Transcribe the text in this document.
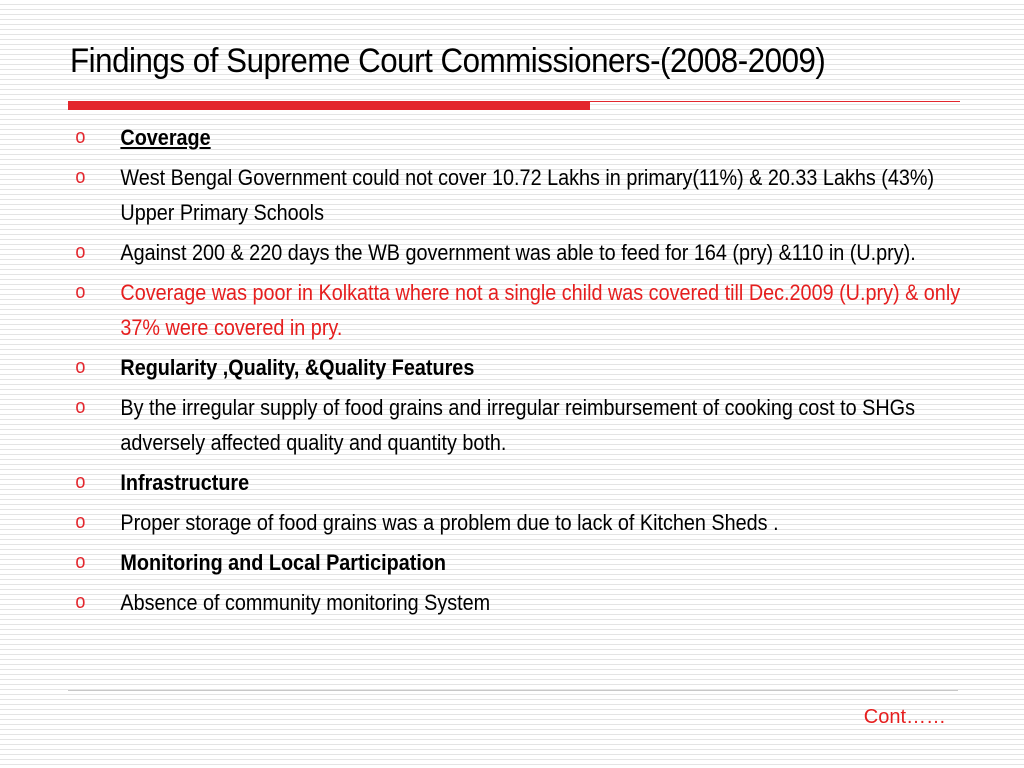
Findings of Supreme Court Commissioners-(2008-2009)
o Coverage
o West Bengal Government could not cover 10.72 Lakhs in primary(11%) & 20.33 Lakhs (43%) Upper Primary Schools
o Against 200 & 220 days the WB government was able to feed for 164 (pry) &110 in (U.pry).
o Coverage was poor in Kolkatta where not a single child was covered till Dec.2009 (U.pry) & only 37% were covered in pry.
o Regularity ,Quality, &Quality Features
o By the irregular supply of food grains and irregular reimbursement of cooking cost to SHGs adversely affected quality and quantity both.
o Infrastructure
o Proper storage of food grains was a problem due to lack of Kitchen Sheds .
o Monitoring and Local Participation
o Absence of community monitoring System
Cont……
